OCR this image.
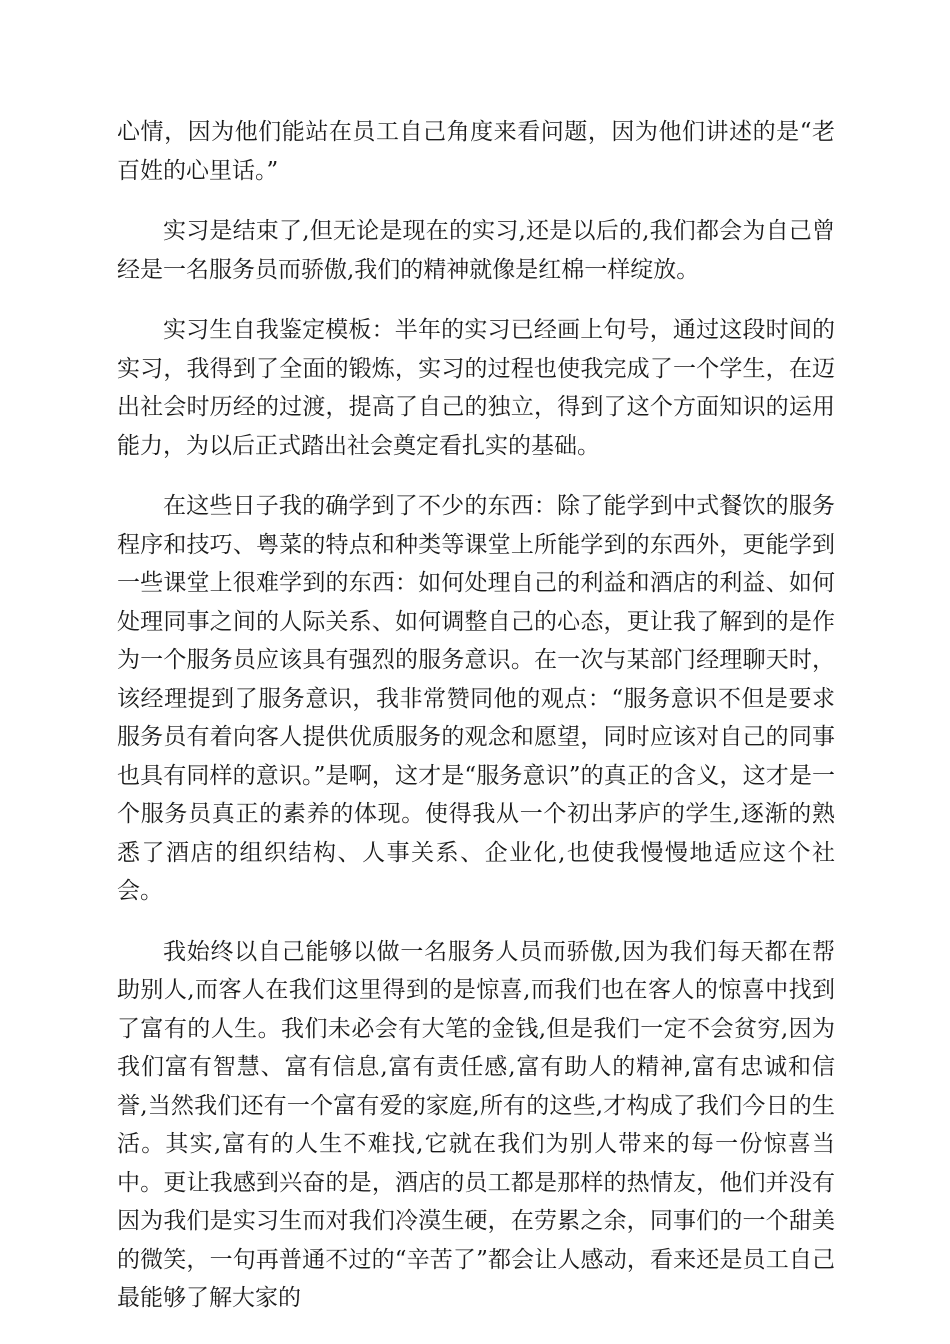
心情，因为他们能站在员工自己角度来看问题，因为他们讲述的是“老百姓的心里话。”

实习是结束了,但无论是现在的实习,还是以后的,我们都会为自己曾经是一名服务员而骄傲,我们的精神就像是红棉一样绽放。

实习生自我鉴定模板：半年的实习已经画上句号，通过这段时间的实习，我得到了全面的锻炼，实习的过程也使我完成了一个学生，在迈出社会时历经的过渡，提高了自己的独立，得到了这个方面知识的运用能力，为以后正式踏出社会奠定看扎实的基础。

在这些日子我的确学到了不少的东西：除了能学到中式餐饮的服务程序和技巧、粤菜的特点和种类等课堂上所能学到的东西外，更能学到一些课堂上很难学到的东西：如何处理自己的利益和酒店的利益、如何处理同事之间的人际关系、如何调整自己的心态，更让我了解到的是作为一个服务员应该具有强烈的服务意识。在一次与某部门经理聊天时，该经理提到了服务意识，我非常赞同他的观点：“服务意识不但是要求服务员有着向客人提供优质服务的观念和愿望，同时应该对自己的同事也具有同样的意识。”是啊，这才是“服务意识”的真正的含义，这才是一个服务员真正的素养的体现。使得我从一个初出茅庐的学生,逐渐的熟悉了酒店的组织结构、人事关系、企业化,也使我慢慢地适应这个社会。

我始终以自己能够以做一名服务人员而骄傲,因为我们每天都在帮助别人,而客人在我们这里得到的是惊喜,而我们也在客人的惊喜中找到了富有的人生。我们未必会有大笔的金钱,但是我们一定不会贫穷,因为我们富有智慧、富有信息,富有责任感,富有助人的精神,富有忠诚和信誉,当然我们还有一个富有爱的家庭,所有的这些,才构成了我们今日的生活。其实,富有的人生不难找,它就在我们为别人带来的每一份惊喜当中。更让我感到兴奋的是，酒店的员工都是那样的热情友，他们并没有因为我们是实习生而对我们冷漠生硬，在劳累之余，同事们的一个甜美的微笑，一句再普通不过的“辛苦了”都会让人感动，看来还是员工自己最能够了解大家的
